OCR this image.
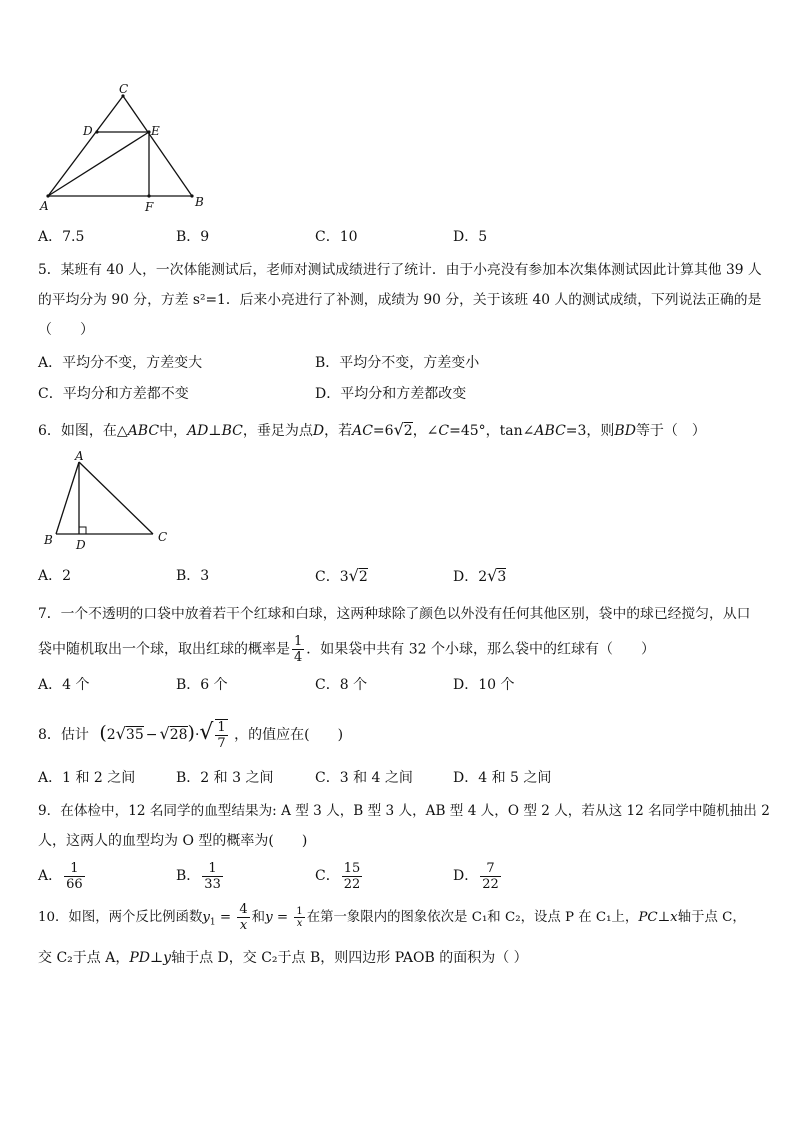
C
D	E
A	F	B
A．7.5	B．9	C．10	D．5
5．某班有 40 人，一次体能测试后，老师对测试成绩进行了统计．由于小亮没有参加本次集体测试因此计算其他 39 人
的平均分为 90 分，方差 s²=1．后来小亮进行了补测，成绩为 90 分，关于该班 40 人的测试成绩，下列说法正确的是
（　　）
A．平均分不变，方差变大	B．平均分不变，方差变小
C．平均分和方差都不变	D．平均分和方差都改变
6．如图，在△ABC中，AD⊥BC，垂足为点D，若AC=6√2，∠C=45°，tan∠ABC=3，则BD等于（　）
A
B D
C
A．2	B．3	C．3√2	D．2√3
7．一个不透明的口袋中放着若干个红球和白球，这两种球除了颜色以外没有任何其他区别，袋中的球已经搅匀，从口
袋中随机取出一个球，取出红球的概率是 $\frac{1}{4}$ ．如果袋中共有 32 个小球，那么袋中的红球有（　　）
A．4 个	B．6 个	C．8 个	D．10 个
8．估计 $(2√35 - √28)\cdot√ \frac{1}{7}$ ，的值应在(　　)
A．1 和 2 之间	B．2 和 3 之间	C．3 和 4 之间	D．4 和 5 之间
9．在体检中，12 名同学的血型结果为: A 型 3 人，B 型 3 人，AB 型 4 人，O 型 2 人，若从这 12 名同学中随机抽出 2
人，这两人的血型均为 O 型的概率为(　　)
A． $\frac{1}{66}$	B． $\frac{1}{33}$	C． $\frac{15}{22}$	D． $\frac{7}{22}$
10．如图，两个反比例函数$y_1 = \frac{4}{x}$ 和$y = \frac{1}{x}$ 在第一象限内的图象依次是 C₁和 C₂，设点 P 在 C₁上，PC⊥x轴于点 C，
交 C₂于点 A，PD⊥y轴于点 D，交 C₂于点 B，则四边形 PAOB 的面积为（ ）
